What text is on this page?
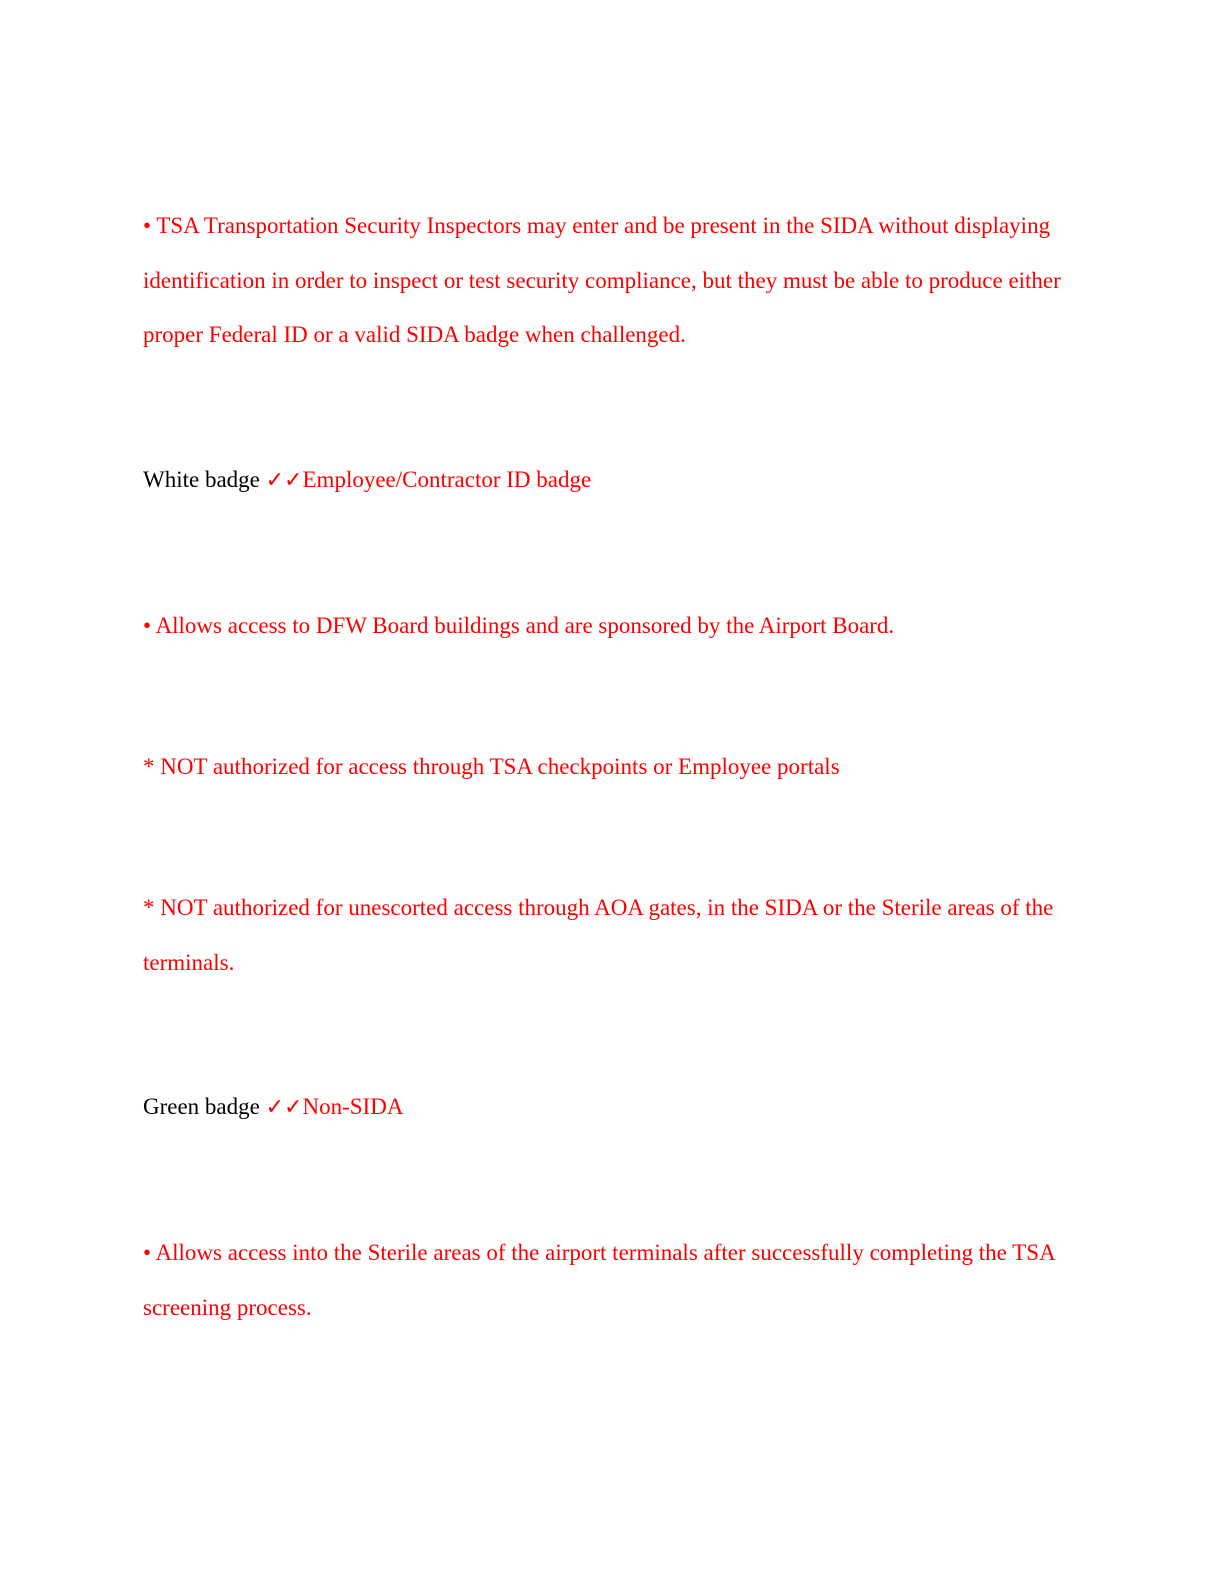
• TSA Transportation Security Inspectors may enter and be present in the SIDA without displaying identification in order to inspect or test security compliance, but they must be able to produce either proper Federal ID or a valid SIDA badge when challenged.

White badge ✓✓Employee/Contractor ID badge

• Allows access to DFW Board buildings and are sponsored by the Airport Board.

* NOT authorized for access through TSA checkpoints or Employee portals

* NOT authorized for unescorted access through AOA gates, in the SIDA or the Sterile areas of the terminals.

Green badge ✓✓Non-SIDA

• Allows access into the Sterile areas of the airport terminals after successfully completing the TSA screening process.
